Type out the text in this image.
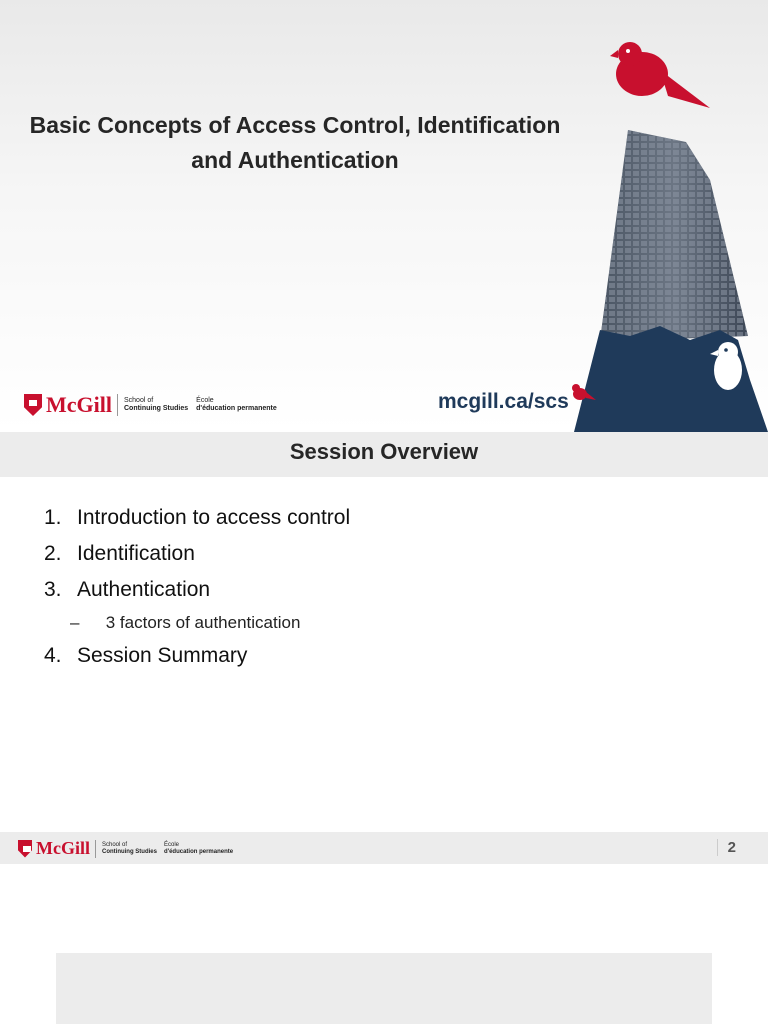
Basic Concepts of Access Control, Identification
and Authentication
McGill School of
Continuing Studies
École
d'éducation permanente	mcgill.ca/scs
Session Overview
1. Introduction to access control
2. Identification
3. Authentication
– 3 factors of authentication
4. Session Summary
McGill School of
Continuing Studies
École
d'éducation permanente	2
